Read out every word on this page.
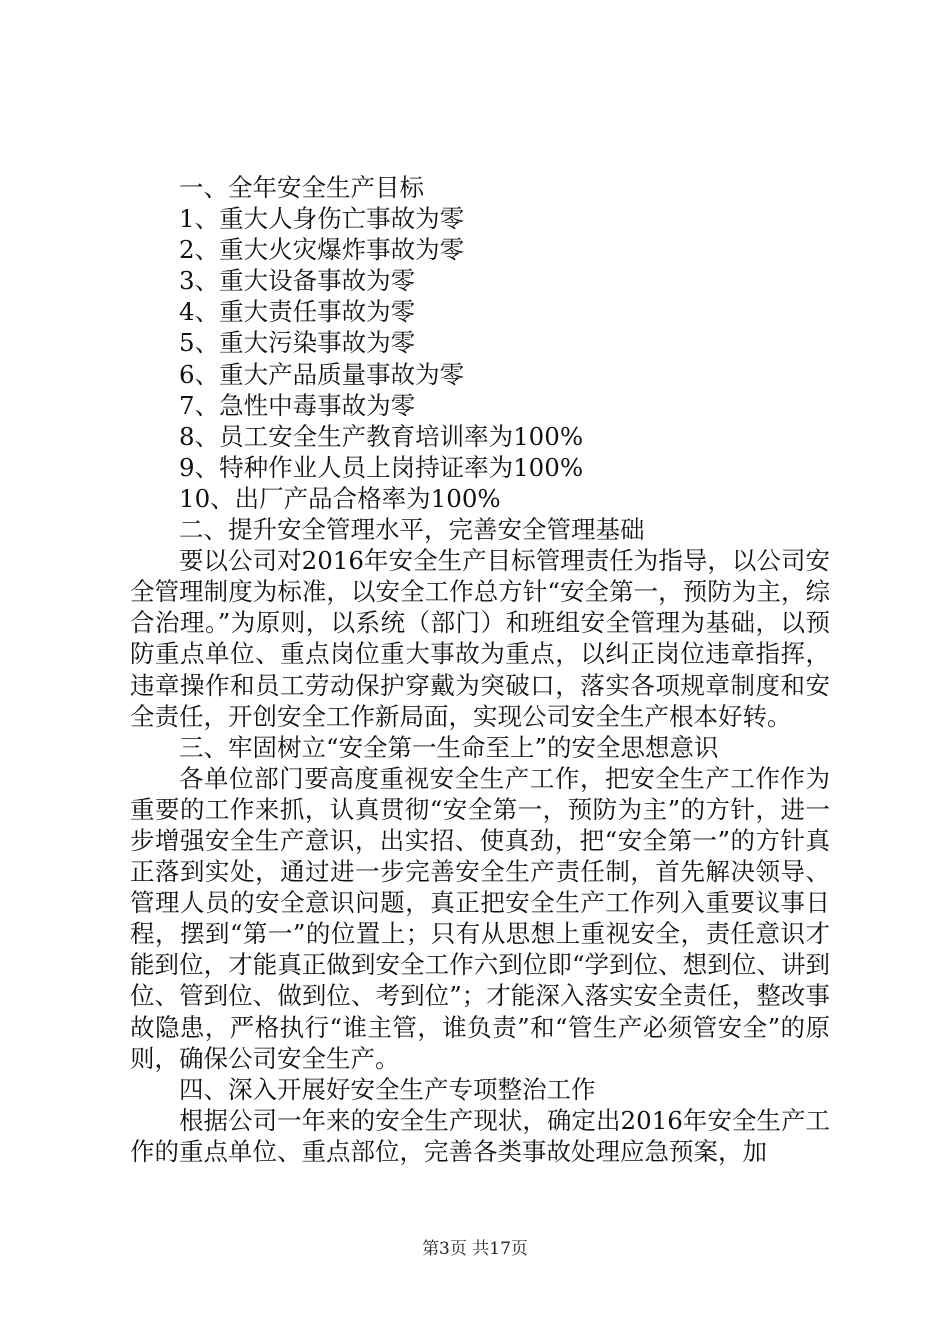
一、全年安全生产目标
1、重大人身伤亡事故为零
2、重大火灾爆炸事故为零
3、重大设备事故为零
4、重大责任事故为零
5、重大污染事故为零
6、重大产品质量事故为零
7、急性中毒事故为零
8、员工安全生产教育培训率为100%
9、特种作业人员上岗持证率为100%
10、出厂产品合格率为100%
二、提升安全管理水平，完善安全管理基础

要以公司对2016年安全生产目标管理责任为指导，以公司安全管理制度为标准，以安全工作总方针“安全第一，预防为主，综合治理。”为原则，以系统（部门）和班组安全管理为基础，以预防重点单位、重点岗位重大事故为重点，以纠正岗位违章指挥，违章操作和员工劳动保护穿戴为突破口，落实各项规章制度和安全责任，开创安全工作新局面，实现公司安全生产根本好转。

三、牢固树立“安全第一生命至上”的安全思想意识

各单位部门要高度重视安全生产工作，把安全生产工作作为重要的工作来抓，认真贯彻“安全第一，预防为主”的方针，进一步增强安全生产意识，出实招、使真劲，把“安全第一”的方针真正落到实处，通过进一步完善安全生产责任制，首先解决领导、管理人员的安全意识问题，真正把安全生产工作列入重要议事日程，摆到“第一”的位置上；只有从思想上重视安全，责任意识才能到位，才能真正做到安全工作六到位即“学到位、想到位、讲到位、管到位、做到位、考到位”；才能深入落实安全责任，整改事故隐患，严格执行“谁主管，谁负责”和“管生产必须管安全”的原则，确保公司安全生产。

四、深入开展好安全生产专项整治工作

根据公司一年来的安全生产现状，确定出2016年安全生产工作的重点单位、重点部位，完善各类事故处理应急预案，加

第3页 共17页
